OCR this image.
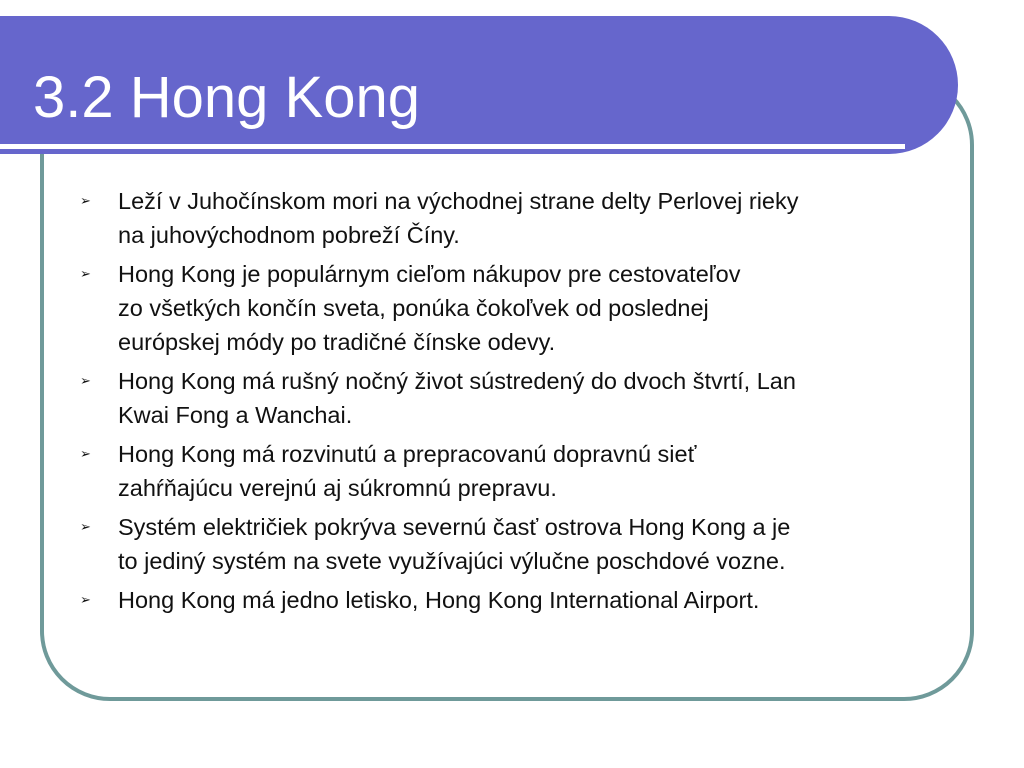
3.2 Hong Kong
➢	Leží v Juhočínskom mori na východnej strane delty Perlovej rieky
na juhovýchodnom pobreží Číny.
➢	Hong Kong je populárnym cieľom nákupov pre cestovateľov
zo všetkých končín sveta, ponúka čokoľvek od poslednej
európskej módy po tradičné čínske odevy.
➢	Hong Kong má rušný nočný život sústredený do dvoch štvrtí, Lan
Kwai Fong a Wanchai.
➢	Hong Kong má rozvinutú a prepracovanú dopravnú sieť
zahŕňajúcu verejnú aj súkromnú prepravu.
➢	Systém električiek pokrýva severnú časť ostrova Hong Kong a je
to jediný systém na svete využívajúci výlučne poschdové vozne.
➢	Hong Kong má jedno letisko, Hong Kong International Airport.
